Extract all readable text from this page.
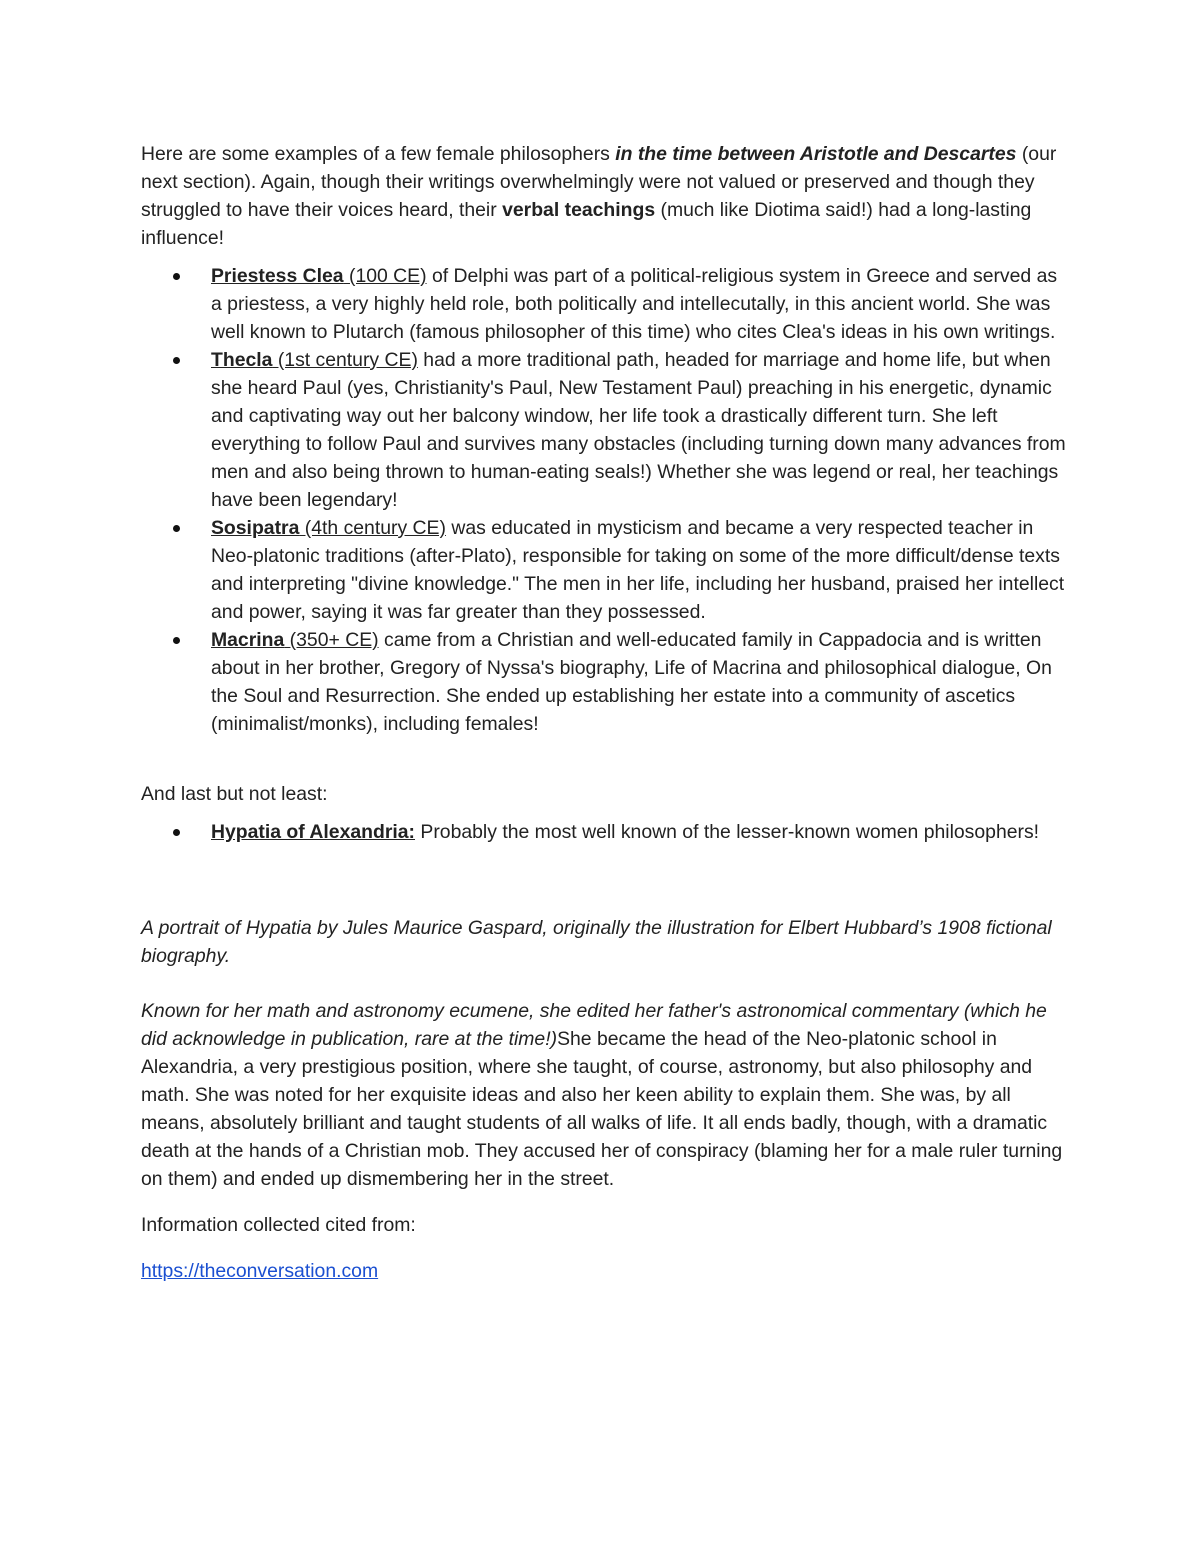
Here are some examples of a few female philosophers in the time between Aristotle and Descartes (our next section). Again, though their writings overwhelmingly were not valued or preserved and though they struggled to have their voices heard, their verbal teachings (much like Diotima said!) had a long-lasting influence!

Priestess Clea (100 CE) of Delphi was part of a political-religious system in Greece and served as a priestess, a very highly held role, both politically and intellecutally, in this ancient world. She was well known to Plutarch (famous philosopher of this time) who cites Clea's ideas in his own writings.
Thecla (1st century CE) had a more traditional path, headed for marriage and home life, but when she heard Paul (yes, Christianity's Paul, New Testament Paul) preaching in his energetic, dynamic and captivating way out her balcony window, her life took a drastically different turn. She left everything to follow Paul and survives many obstacles (including turning down many advances from men and also being thrown to human-eating seals!) Whether she was legend or real, her teachings have been legendary!
Sosipatra (4th century CE) was educated in mysticism and became a very respected teacher in Neo-platonic traditions (after-Plato), responsible for taking on some of the more difficult/dense texts and interpreting "divine knowledge." The men in her life, including her husband, praised her intellect and power, saying it was far greater than they possessed.
Macrina (350+ CE) came from a Christian and well-educated family in Cappadocia and is written about in her brother, Gregory of Nyssa's biography, Life of Macrina and philosophical dialogue, On the Soul and Resurrection. She ended up establishing her estate into a community of ascetics (minimalist/monks), including females!

And last but not least:

Hypatia of Alexandria: Probably the most well known of the lesser-known women philosophers!

A portrait of Hypatia by Jules Maurice Gaspard, originally the illustration for Elbert Hubbard’s 1908 fictional biography.

Known for her math and astronomy ecumene, she edited her father's astronomical commentary (which he did acknowledge in publication, rare at the time!)She became the head of the Neo-platonic school in Alexandria, a very prestigious position, where she taught, of course, astronomy, but also philosophy and math. She was noted for her exquisite ideas and also her keen ability to explain them. She was, by all means, absolutely brilliant and taught students of all walks of life. It all ends badly, though, with a dramatic death at the hands of a Christian mob. They accused her of conspiracy (blaming her for a male ruler turning on them) and ended up dismembering her in the street.

Information collected cited from:

https://theconversation.com
